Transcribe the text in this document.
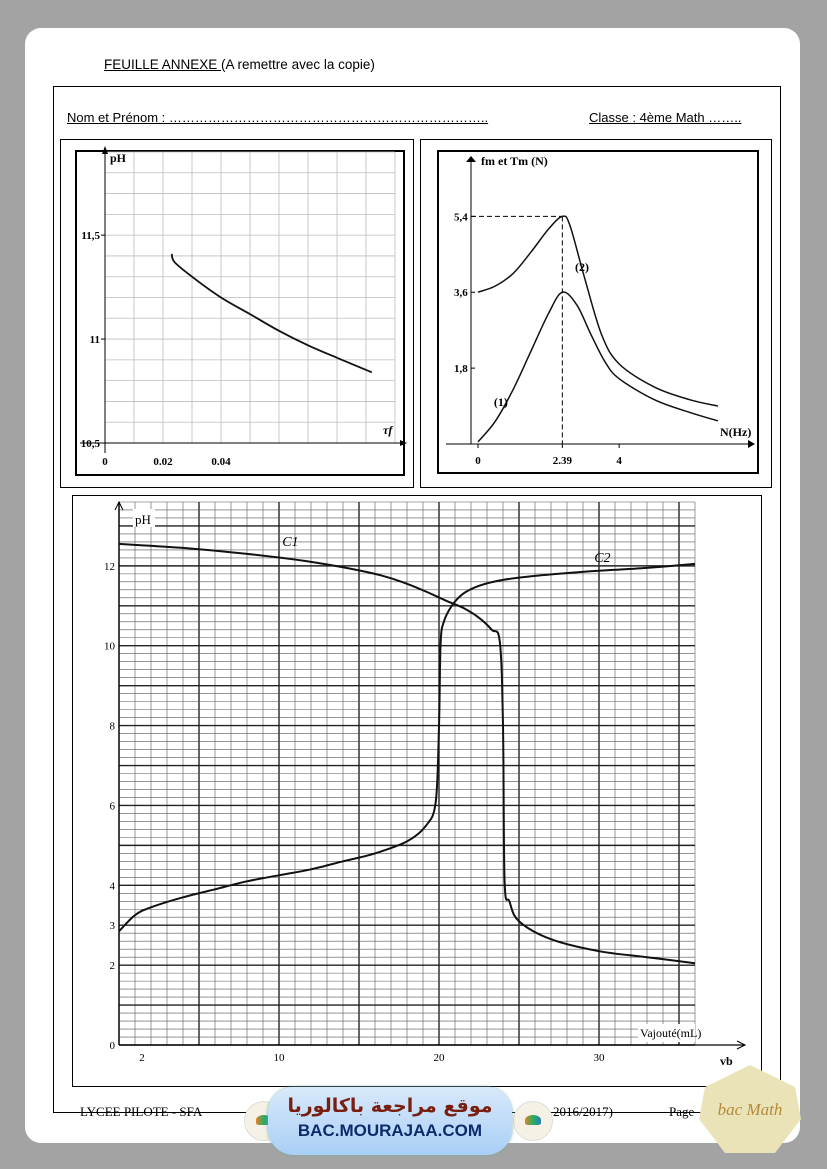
FEUILLE ANNEXE (A remettre avec la copie)
Nom et Prénom : ………………………………………………………………..	Classe : 4ème Math ……..
pH
τf
11,5
11
10,5
0	0.02	0.04
fm et Tm (N)
N(Hz)
5,4
3,6
1,8
0	2.39	4
(2)
(1)
pH
Vajouté(mL)
vb
0
2
3
4
6
8
10
12
2	10	20	30
C1
C2
LYCEE PILOTE - SFA	2016/2017)	Page
موقع مراجعة باكالوريا
BAC.MOURAJAA.COM
bac Math
